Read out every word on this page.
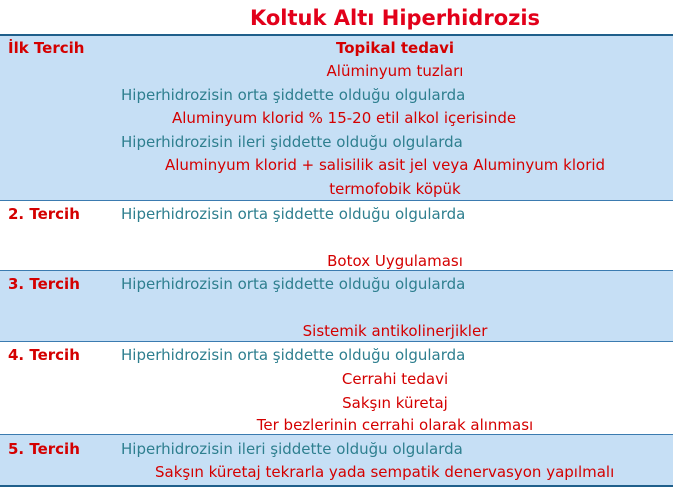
Koltuk Altı Hiperhidrozis
İlk Tercih	Topikal tedavi
Alüminyum tuzları
Hiperhidrozisin orta şiddette olduğu olgularda
Aluminyum klorid % 15-20 etil alkol içerisinde
Hiperhidrozisin ileri şiddette olduğu olgularda
Aluminyum klorid + salisilik asit jel veya Aluminyum klorid
termofobik köpük
2. Tercih	Hiperhidrozisin orta şiddette olduğu olgularda
Botox Uygulaması
3. Tercih	Hiperhidrozisin orta şiddette olduğu olgularda
Sistemik antikolinerjikler
4. Tercih	Hiperhidrozisin orta şiddette olduğu olgularda
Cerrahi tedavi
Sakşın küretaj
Ter bezlerinin cerrahi olarak alınması
5. Tercih	Hiperhidrozisin ileri şiddette olduğu olgularda
Sakşın küretaj tekrarla yada sempatik denervasyon yapılmalı
